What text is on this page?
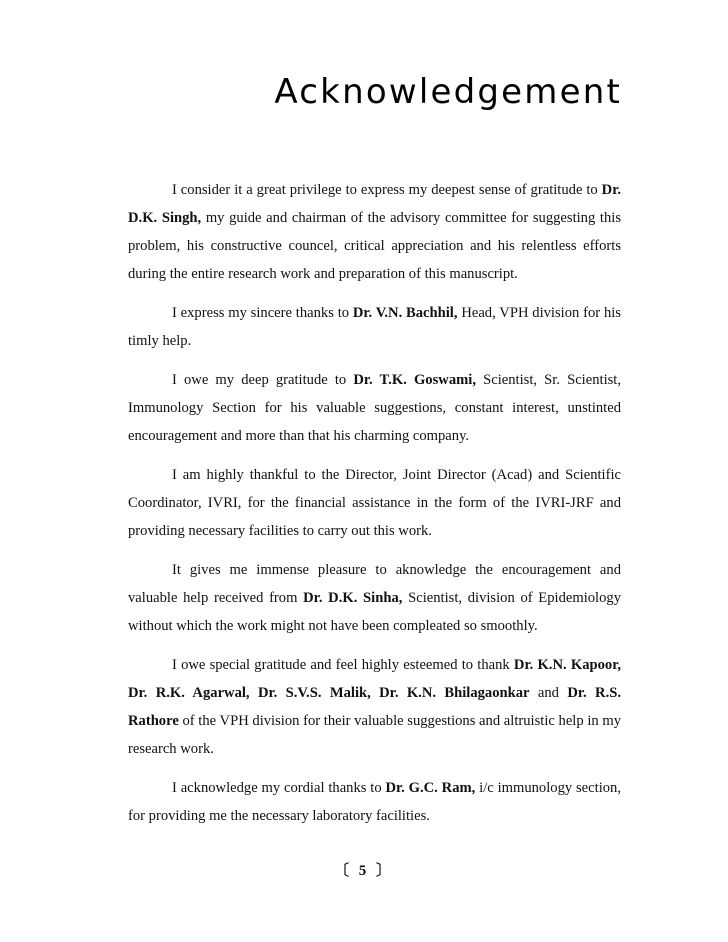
Acknowledgement

I consider it a great privilege to express my deepest sense of gratitude to Dr. D.K. Singh, my guide and chairman of the advisory committee for suggesting this problem, his constructive councel, critical appreciation and his relentless efforts during the entire research work and preparation of this manuscript.

I express my sincere thanks to Dr. V.N. Bachhil, Head, VPH division for his timly help.

I owe my deep gratitude to Dr. T.K. Goswami, Scientist, Sr. Scientist, Immunology Section for his valuable suggestions, constant interest, unstinted encouragement and more than that his charming company.

I am highly thankful to the Director, Joint Director (Acad) and Scientific Coordinator, IVRI, for the financial assistance in the form of the IVRI-JRF and providing necessary facilities to carry out this work.

It gives me immense pleasure to aknowledge the encouragement and valuable help received from Dr. D.K. Sinha, Scientist, division of Epidemiology without which the work might not have been compleated so smoothly.

I owe special gratitude and feel highly esteemed to thank Dr. K.N. Kapoor, Dr. R.K. Agarwal, Dr. S.V.S. Malik, Dr. K.N. Bhilagaonkar and Dr. R.S. Rathore of the VPH division for their valuable suggestions and altruistic help in my research work.

I acknowledge my cordial thanks to Dr. G.C. Ram, i/c immunology section, for providing me the necessary laboratory facilities.

〔 5 〕
